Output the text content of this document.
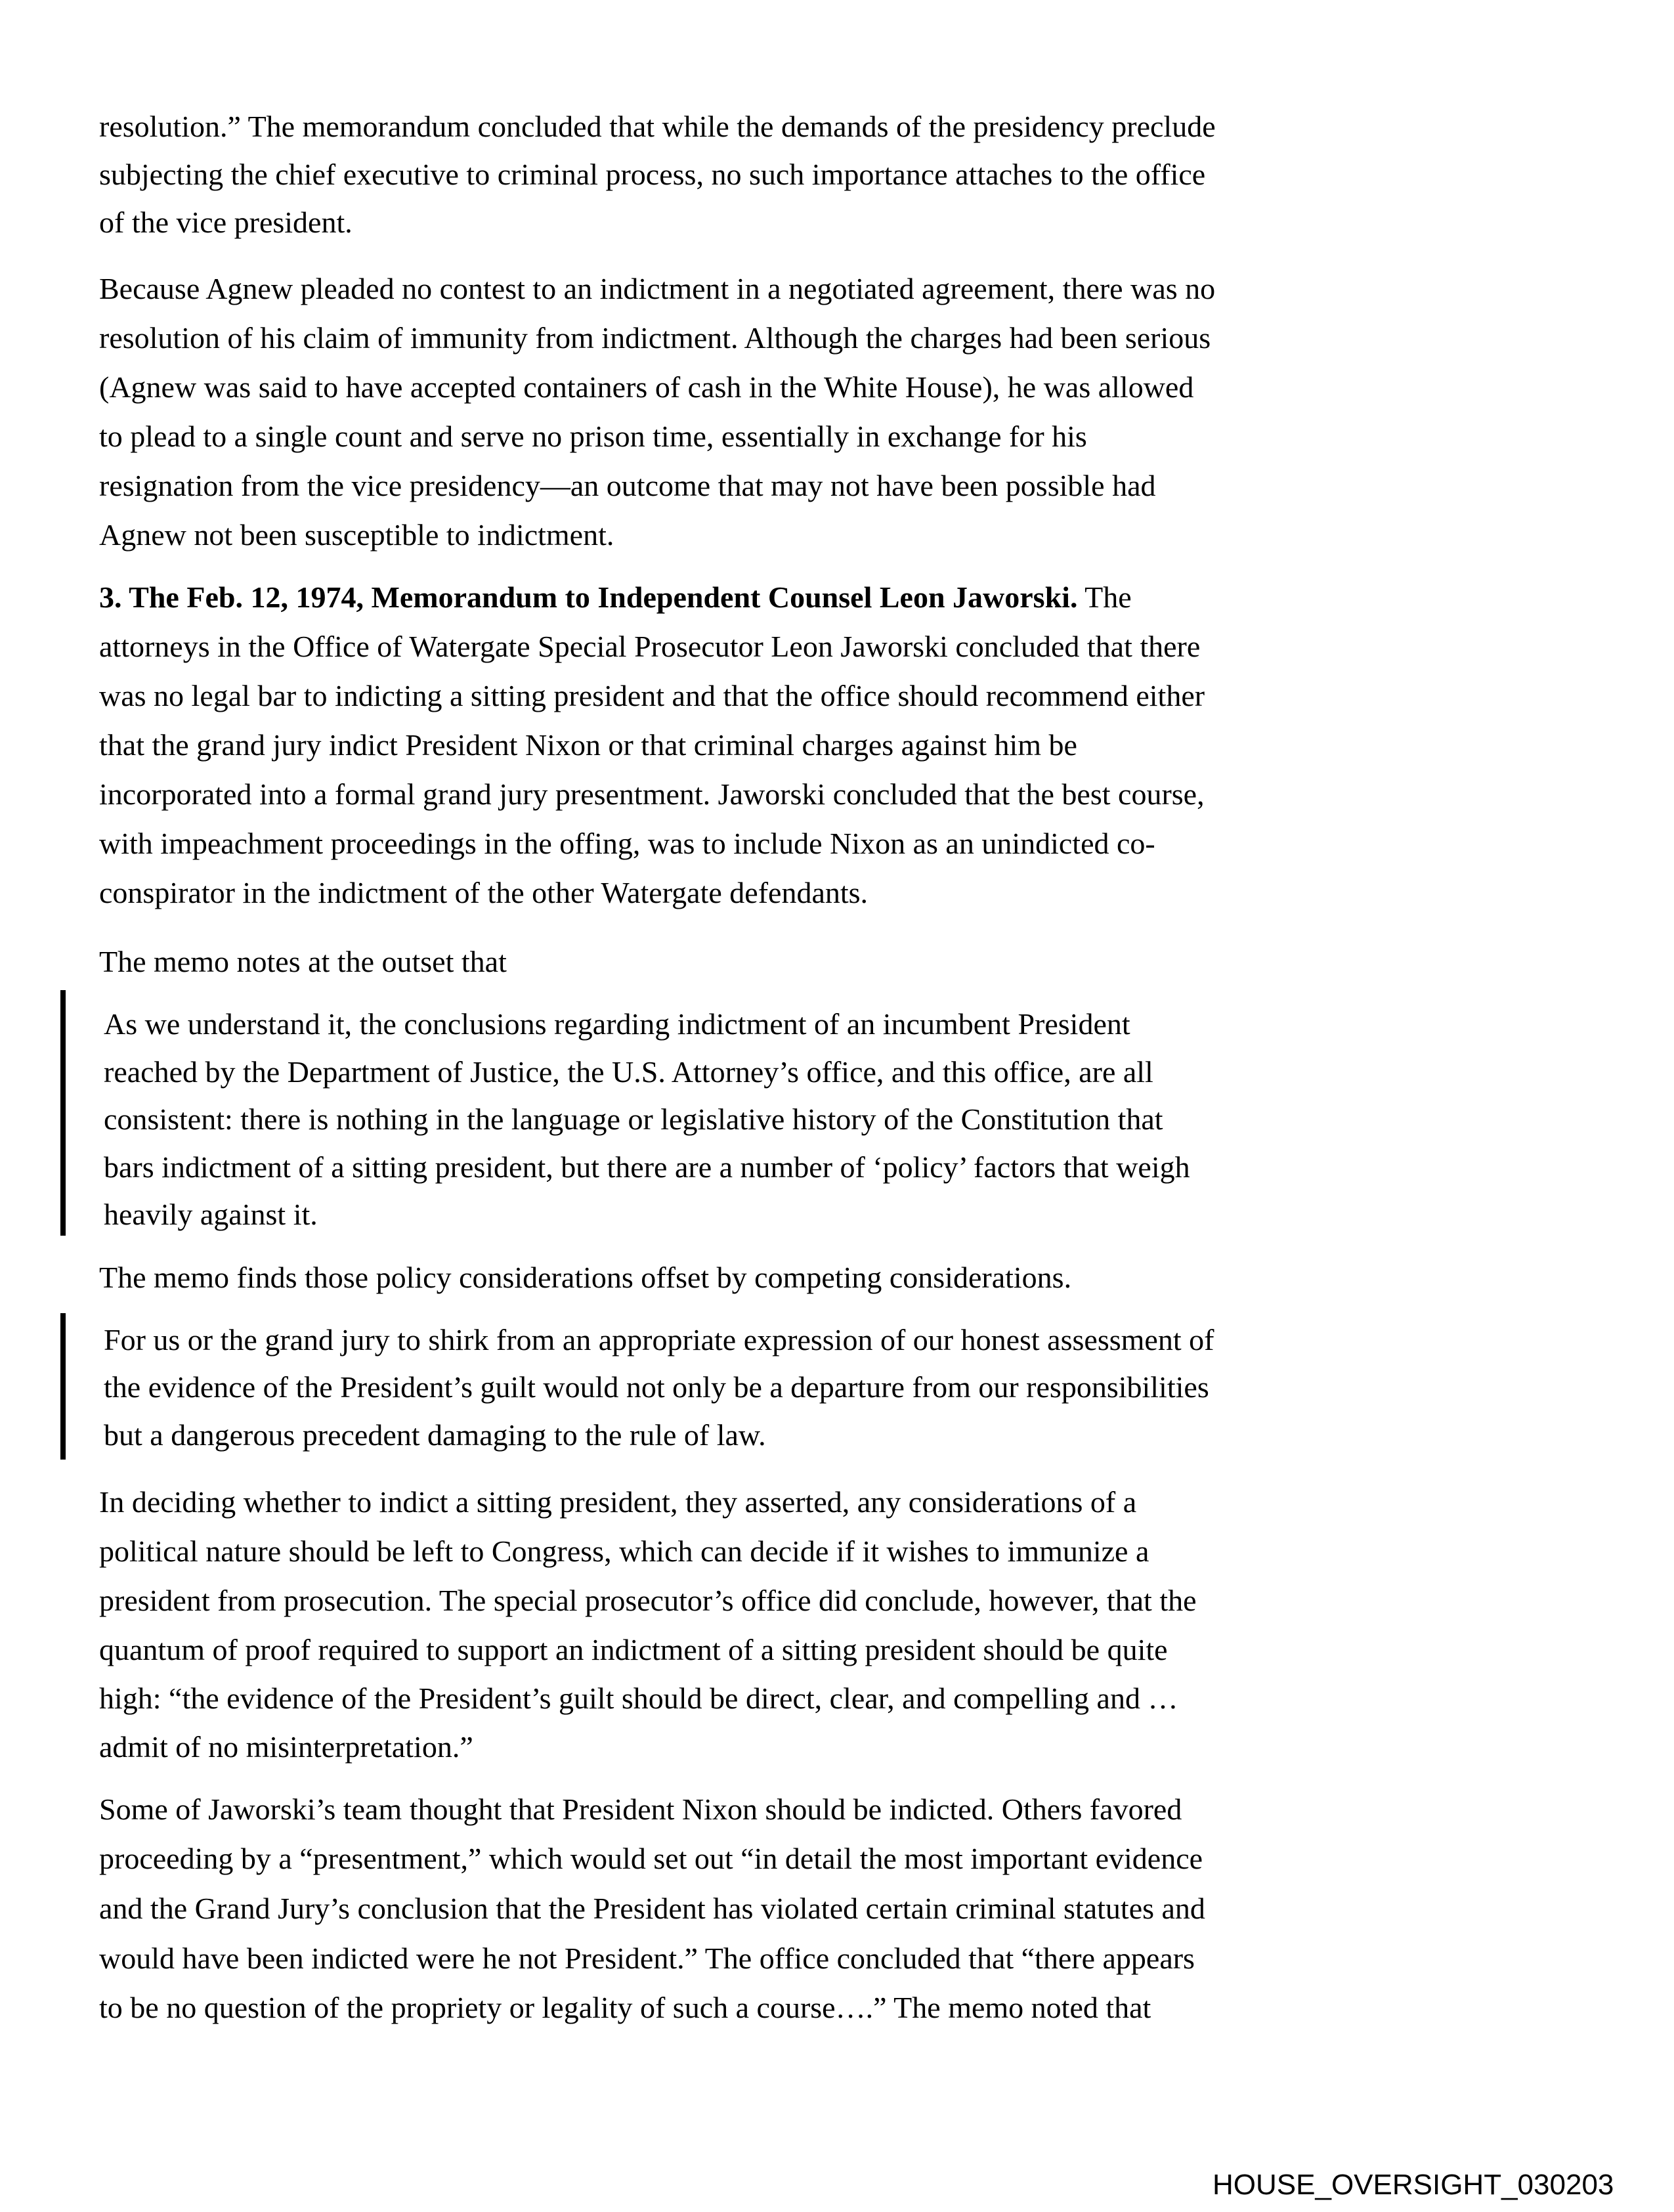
resolution.” The memorandum concluded that while the demands of the presidency preclude
subjecting the chief executive to criminal process, no such importance attaches to the office
of the vice president.
Because Agnew pleaded no contest to an indictment in a negotiated agreement, there was no
resolution of his claim of immunity from indictment. Although the charges had been serious
(Agnew was said to have accepted containers of cash in the White House), he was allowed
to plead to a single count and serve no prison time, essentially in exchange for his
resignation from the vice presidency—an outcome that may not have been possible had
Agnew not been susceptible to indictment.
3. The Feb. 12, 1974, Memorandum to Independent Counsel Leon Jaworski. The
attorneys in the Office of Watergate Special Prosecutor Leon Jaworski concluded that there
was no legal bar to indicting a sitting president and that the office should recommend either
that the grand jury indict President Nixon or that criminal charges against him be
incorporated into a formal grand jury presentment. Jaworski concluded that the best course,
with impeachment proceedings in the offing, was to include Nixon as an unindicted co-
conspirator in the indictment of the other Watergate defendants.
The memo notes at the outset that
As we understand it, the conclusions regarding indictment of an incumbent President
reached by the Department of Justice, the U.S. Attorney’s office, and this office, are all
consistent: there is nothing in the language or legislative history of the Constitution that
bars indictment of a sitting president, but there are a number of ‘policy’ factors that weigh
heavily against it.
The memo finds those policy considerations offset by competing considerations.
For us or the grand jury to shirk from an appropriate expression of our honest assessment of
the evidence of the President’s guilt would not only be a departure from our responsibilities
but a dangerous precedent damaging to the rule of law.
In deciding whether to indict a sitting president, they asserted, any considerations of a
political nature should be left to Congress, which can decide if it wishes to immunize a
president from prosecution. The special prosecutor’s office did conclude, however, that the
quantum of proof required to support an indictment of a sitting president should be quite
high: “the evidence of the President’s guilt should be direct, clear, and compelling and …
admit of no misinterpretation.”
Some of Jaworski’s team thought that President Nixon should be indicted. Others favored
proceeding by a “presentment,” which would set out “in detail the most important evidence
and the Grand Jury’s conclusion that the President has violated certain criminal statutes and
would have been indicted were he not President.” The office concluded that “there appears
to be no question of the propriety or legality of such a course….” The memo noted that
HOUSE_OVERSIGHT_030203
